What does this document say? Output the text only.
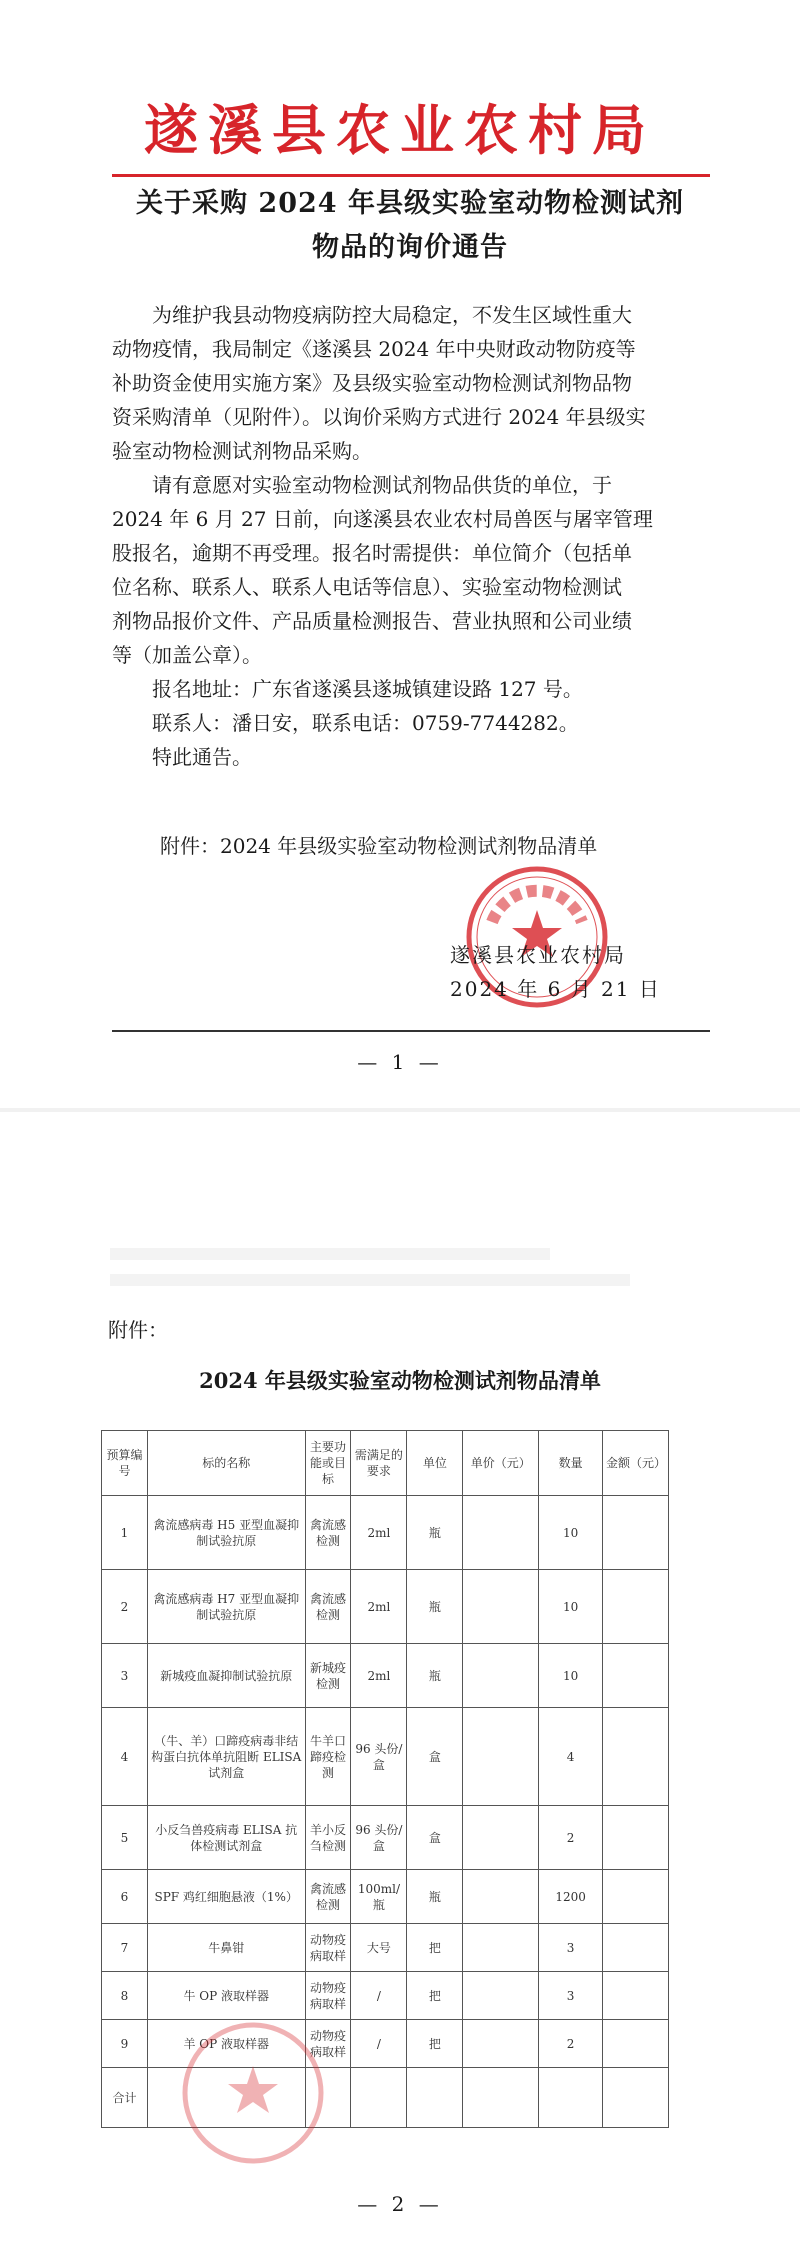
遂溪县农业农村局
关于采购 2024 年县级实验室动物检测试剂
物品的询价通告
为维护我县动物疫病防控大局稳定，不发生区域性重大
动物疫情，我局制定《遂溪县 2024 年中央财政动物防疫等
补助资金使用实施方案》及县级实验室动物检测试剂物品物
资采购清单（见附件）。以询价采购方式进行 2024 年县级实
验室动物检测试剂物品采购。
请有意愿对实验室动物检测试剂物品供货的单位，于
2024 年 6 月 27 日前，向遂溪县农业农村局兽医与屠宰管理
股报名，逾期不再受理。报名时需提供：单位简介（包括单
位名称、联系人、联系人电话等信息）、实验室动物检测试
剂物品报价文件、产品质量检测报告、营业执照和公司业绩
等（加盖公章）。
报名地址：广东省遂溪县遂城镇建设路 127 号。
联系人：潘日安，联系电话：0759-7744282。
特此通告。
附件：2024 年县级实验室动物检测试剂物品清单
遂溪县农业农村局
2024 年 6 月 21 日
— 1 —
附件：
2024 年县级实验室动物检测试剂物品清单
预算编号	标的名称	主要功能或目标	需满足的要求	单位	单价（元）	数量	金额（元）
1	禽流感病毒 H5 亚型血凝抑制试验抗原	禽流感检测	2ml	瓶		10	
2	禽流感病毒 H7 亚型血凝抑制试验抗原	禽流感检测	2ml	瓶		10	
3	新城疫血凝抑制试验抗原	新城疫检测	2ml	瓶		10	
4	（牛、羊）口蹄疫病毒非结构蛋白抗体单抗阻断 ELISA 试剂盒	牛羊口蹄疫检测	96 头份/盒	盒		4	
5	小反刍兽疫病毒 ELISA 抗体检测试剂盒	羊小反刍检测	96 头份/盒	盒		2	
6	SPF 鸡红细胞悬液（1%）	禽流感检测	100ml/瓶	瓶		1200	
7	牛鼻钳	动物疫病取样	大号	把		3	
8	牛 OP 液取样器	动物疫病取样	/	把		3	
9	羊 OP 液取样器	动物疫病取样	/	把		2	
合计							
— 2 —
